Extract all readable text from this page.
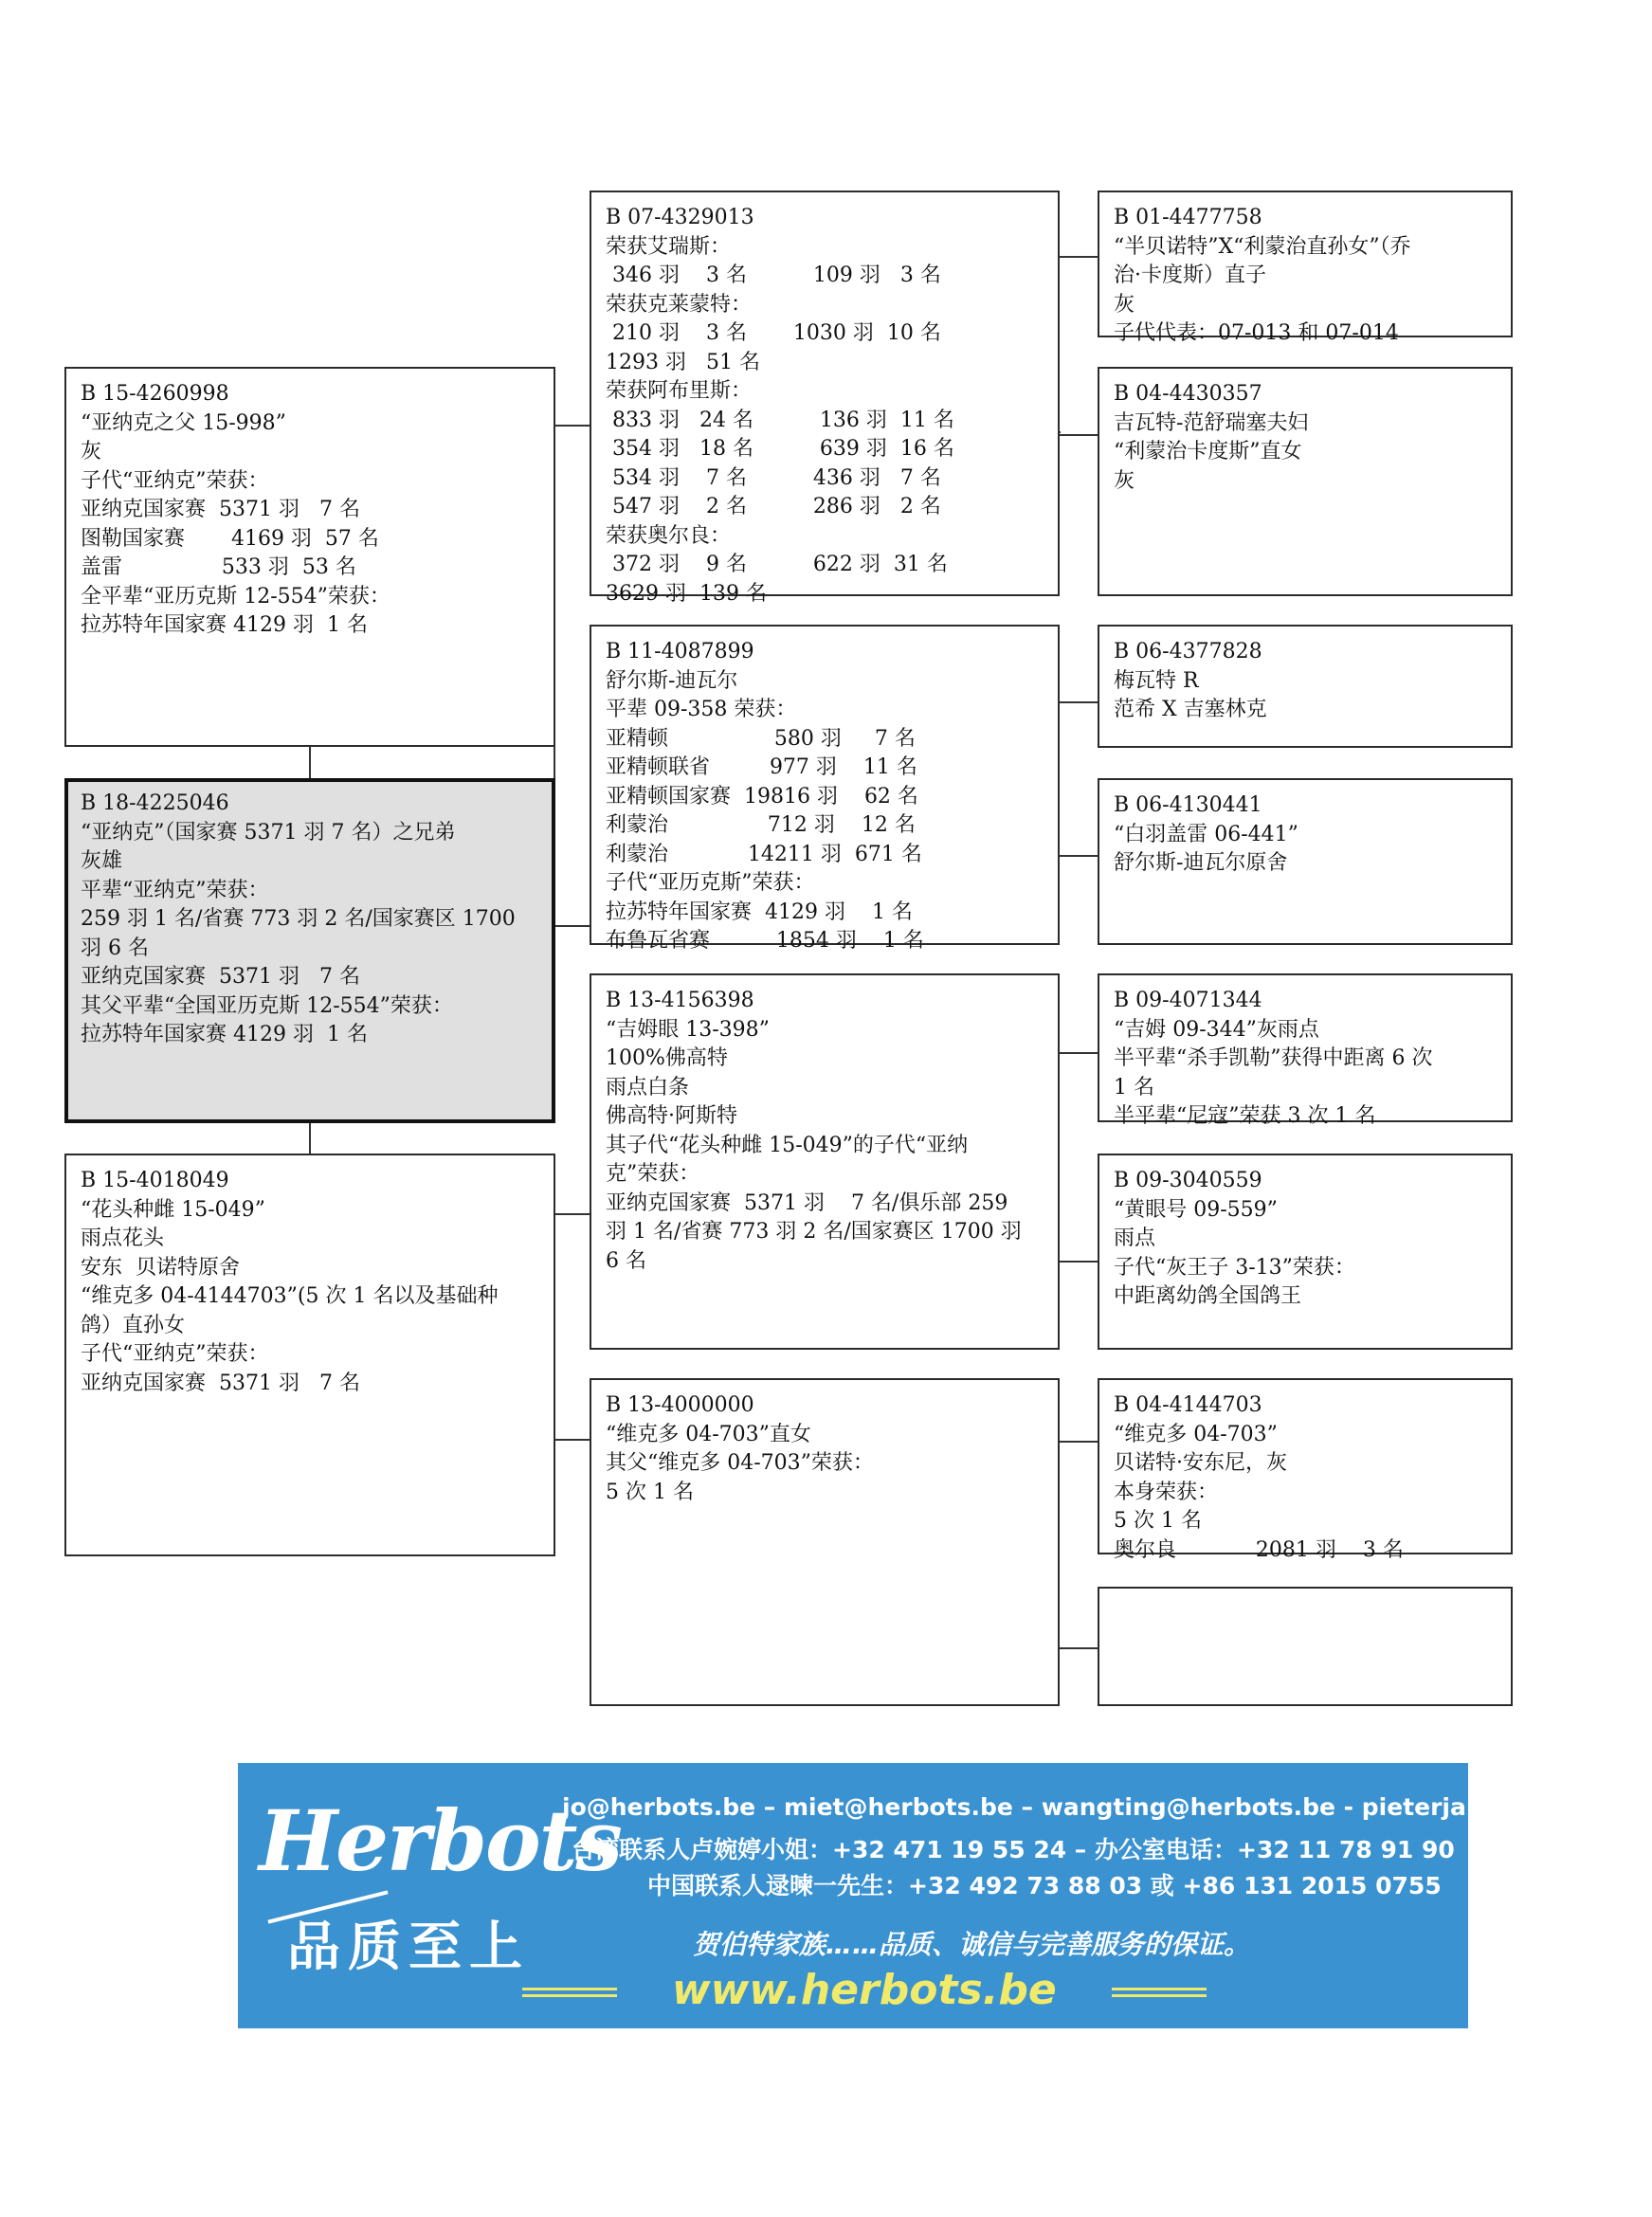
B 15-4260998
“亚纳克之父 15-998”
灰
子代“亚纳克”荣获：
亚纳克国家赛  5371 羽   7 名
图勒国家赛       4169 羽  57 名
盖雷               533 羽  53 名
全平辈“亚历克斯 12-554”荣获：
拉苏特年国家赛 4129 羽  1 名
B 18-4225046
“亚纳克”（国家赛 5371 羽 7 名）之兄弟
灰雄
平辈“亚纳克”荣获：
259 羽 1 名/省赛 773 羽 2 名/国家赛区 1700
羽 6 名
亚纳克国家赛  5371 羽   7 名
其父平辈“全国亚历克斯 12-554”荣获：
拉苏特年国家赛 4129 羽  1 名
B 15-4018049
“花头种雌 15-049”
雨点花头
安东  贝诺特原舍
“维克多 04-4144703”(5 次 1 名以及基础种
鸽）直孙女
子代“亚纳克”荣获：
亚纳克国家赛  5371 羽   7 名
B 07-4329013
荣获艾瑞斯：
346 羽    3 名          109 羽   3 名
荣获克莱蒙特：
210 羽    3 名       1030 羽  10 名
1293 羽   51 名
荣获阿布里斯：
833 羽   24 名          136 羽  11 名
354 羽   18 名          639 羽  16 名
534 羽    7 名          436 羽   7 名
547 羽    2 名          286 羽   2 名
荣获奥尔良：
372 羽    9 名          622 羽  31 名
3629 羽  139 名
B 11-4087899
舒尔斯-迪瓦尔
平辈 09-358 荣获：
亚精顿                580 羽     7 名
亚精顿联省         977 羽    11 名
亚精顿国家赛  19816 羽    62 名
利蒙治               712 羽    12 名
利蒙治            14211 羽  671 名
子代“亚历克斯”荣获：
拉苏特年国家赛  4129 羽    1 名
布鲁瓦省赛          1854 羽    1 名
B 13-4156398
“吉姆眼 13-398”
100%佛高特
雨点白条
佛高特·阿斯特
其子代“花头种雌 15-049”的子代“亚纳
克”荣获：
亚纳克国家赛  5371 羽    7 名/俱乐部 259
羽 1 名/省赛 773 羽 2 名/国家赛区 1700 羽
6 名
B 13-4000000
“维克多 04-703”直女
其父“维克多 04-703”荣获：
5 次 1 名
B 01-4477758
“半贝诺特”X“利蒙治直孙女”（乔
治·卡度斯）直子
灰
子代代表：07-013 和 07-014
B 04-4430357
吉瓦特-范舒瑞塞夫妇
“利蒙治卡度斯”直女
灰
B 06-4377828
梅瓦特 R
范希 X 吉塞林克
B 06-4130441
“白羽盖雷 06-441”
舒尔斯-迪瓦尔原舍
B 09-4071344
“吉姆 09-344”灰雨点
半平辈“杀手凯勒”获得中距离 6 次
1 名
半平辈“尼寇”荣获 3 次 1 名
B 09-3040559
“黄眼号 09-559”
雨点
子代“灰王子 3-13”荣获：
中距离幼鸽全国鸽王
B 04-4144703
“维克多 04-703”
贝诺特·安东尼，灰
本身荣获：
5 次 1 名
奥尔良            2081 羽    3 名
Herbots
品质至上
jo@herbots.be – miet@herbots.be – wangting@herbots.be - pieterjan@herbots.be
台湾联系人卢婉婷小姐：+32 471 19 55 24 – 办公室电话：+32 11 78 91 90
中国联系人逯暕一先生：+32 492 73 88 03 或 +86 131 2015 0755
贺伯特家族……品质、诚信与完善服务的保证。
www.herbots.be
